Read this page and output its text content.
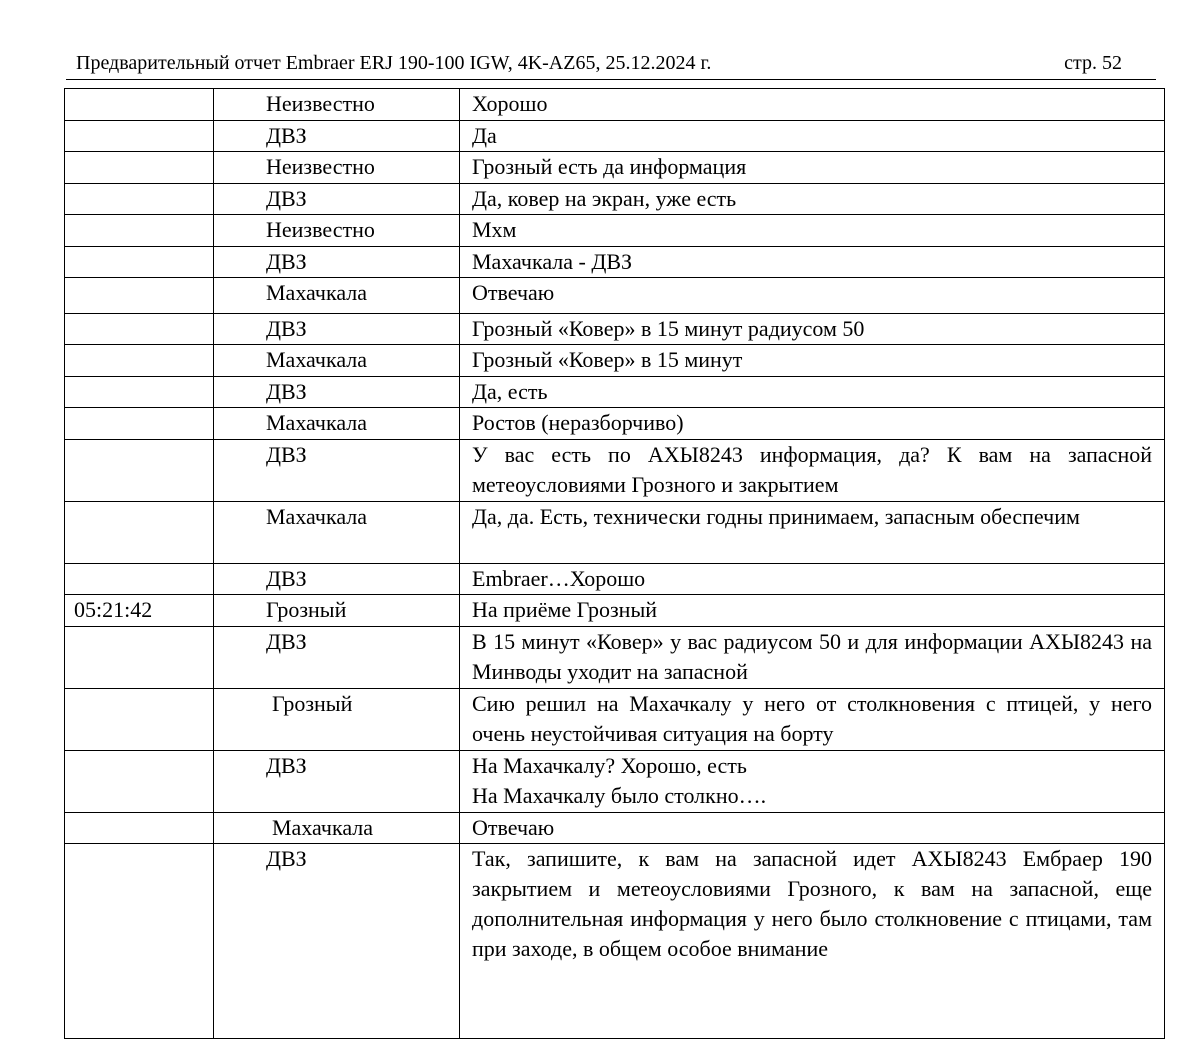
Предварительный отчет Embraer ERJ 190-100 IGW, 4K-AZ65, 25.12.2024 г.	стр. 52
	Неизвестно	Хорошо

	ДВЗ	Да

	Неизвестно	Грозный есть да информация

	ДВЗ	Да, ковер на экран, уже есть

	Неизвестно	Мхм

	ДВЗ	Махачкала - ДВЗ

	Махачкала	Отвечаю

	ДВЗ	Грозный «Ковер» в 15 минут радиусом 50

	Махачкала	Грозный «Ковер» в 15 минут

	ДВЗ	Да, есть

	Махачкала	Ростов (неразборчиво)

	ДВЗ	У вас есть по АХЫ8243 информация, да? К вам на запасной метеоусловиями Грозного и закрытием

	Махачкала	Да, да. Есть, технически годны принимаем, запасным обеспечим

	ДВЗ	Embraer…Хорошо

05:21:42	Грозный	На приёме Грозный

	ДВЗ	В 15 минут «Ковер» у вас радиусом 50 и для информации АХЫ8243 на Минводы уходит на запасной

	Грозный	Сию решил на Махачкалу у него от столкновения с птицей, у него очень неустойчивая ситуация на борту

	ДВЗ	На Махачкалу? Хорошо, есть
На Махачкалу было столкно….

	Махачкала	Отвечаю

	ДВЗ	Так, запишите, к вам на запасной идет АХЫ8243 Ембраер 190 закрытием и метеоусловиями Грозного, к вам на запасной, еще дополнительная информация у него было столкновение с птицами, там при заходе, в общем особое внимание
